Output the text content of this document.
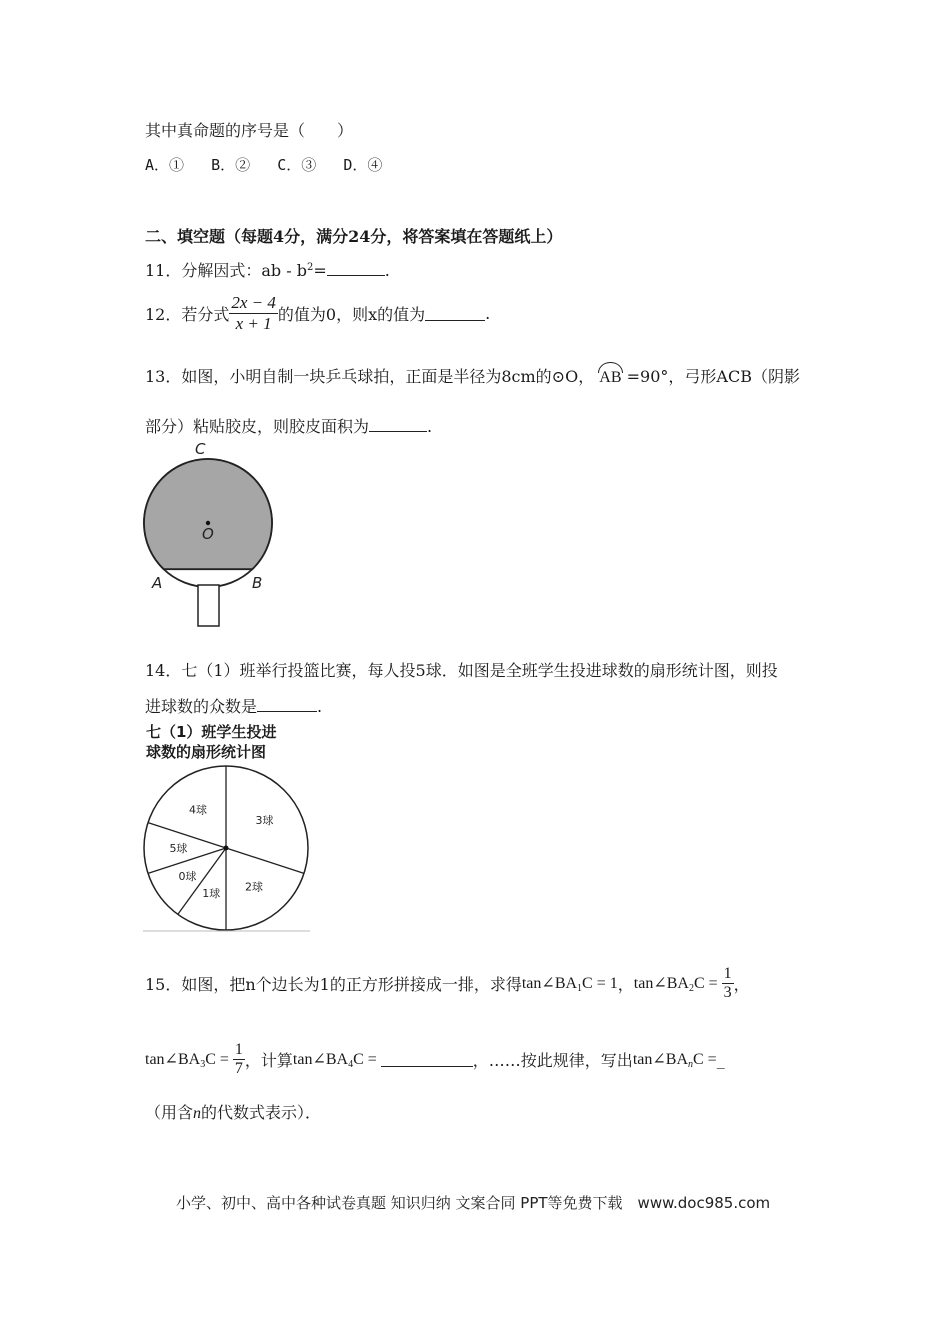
其中真命题的序号是（　　）
A．① B．② C．③ D．④
二、填空题（每题4分，满分24分，将答案填在答题纸上）
11．分解因式：ab - $b^2=$	.
12．若分式 $\frac{2x - 4}{x + 1}$ 的值为0，则x的值为	.
13．如图，小明自制一块乒乓球拍，正面是半径为8cm的⊙O， AB =90°，弓形ACB（阴影
部分）粘贴胶皮，则胶皮面积为	.
C
O
A	B
14．七（1）班举行投篮比赛，每人投5球．如图是全班学生投进球数的扇形统计图，则投
进球数的众数是	.
七（1）班学生投进
球数的扇形统计图
3球
2球
1球
0球
5球
4球
15．如图，把n个边长为1的正方形拼接成一排，求得 $\tan\angle BA_1C = 1$ ， $\tan\angle BA_2C = \frac{1}{3}$ ，
$\tan\angle BA_3C = \frac{1}{7}$ ，计算 $\tan\angle BA_4C$ =	，……按此规律，写出 $\tan\angle BA_nC$ = _
（用含n的代数式表示）．
小学、初中、高中各种试卷真题 知识归纳 文案合同 PPT等免费下载　www.doc985.com
